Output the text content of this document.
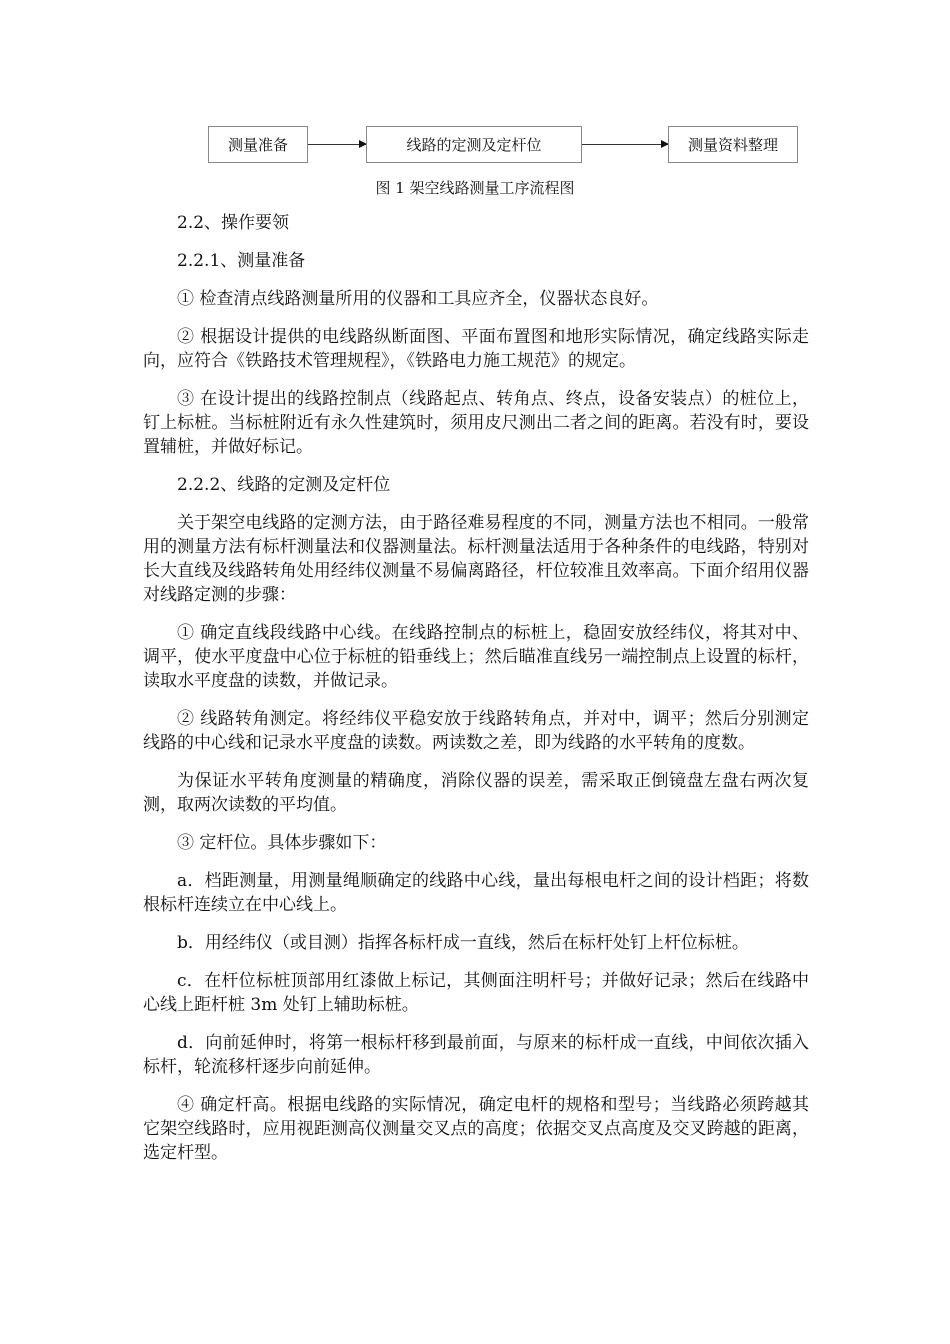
测量准备	线路的定测及定杆位	测量资料整理
图 1 架空线路测量工序流程图
2.2、操作要领
2.2.1、测量准备

① 检查清点线路测量所用的仪器和工具应齐全，仪器状态良好。

② 根据设计提供的电线路纵断面图、平面布置图和地形实际情况，确定线路实际走向，应符合《铁路技术管理规程》，《铁路电力施工规范》的规定。

③ 在设计提出的线路控制点（线路起点、转角点、终点，设备安装点）的桩位上，钉上标桩。当标桩附近有永久性建筑时，须用皮尺测出二者之间的距离。若没有时，要设置辅桩，并做好标记。

2.2.2、线路的定测及定杆位

关于架空电线路的定测方法，由于路径难易程度的不同，测量方法也不相同。一般常用的测量方法有标杆测量法和仪器测量法。标杆测量法适用于各种条件的电线路，特别对长大直线及线路转角处用经纬仪测量不易偏离路径，杆位较准且效率高。下面介绍用仪器对线路定测的步骤：

① 确定直线段线路中心线。在线路控制点的标桩上，稳固安放经纬仪，将其对中、调平，使水平度盘中心位于标桩的铅垂线上；然后瞄准直线另一端控制点上设置的标杆，读取水平度盘的读数，并做记录。

② 线路转角测定。将经纬仪平稳安放于线路转角点，并对中，调平；然后分别测定线路的中心线和记录水平度盘的读数。两读数之差，即为线路的水平转角的度数。

为保证水平转角度测量的精确度，消除仪器的误差，需采取正倒镜盘左盘右两次复测，取两次读数的平均值。

③ 定杆位。具体步骤如下：

a．档距测量，用测量绳顺确定的线路中心线，量出每根电杆之间的设计档距；将数根标杆连续立在中心线上。

b．用经纬仪（或目测）指挥各标杆成一直线，然后在标杆处钉上杆位标桩。

c．在杆位标桩顶部用红漆做上标记，其侧面注明杆号；并做好记录；然后在线路中心线上距杆桩 3m 处钉上辅助标桩。

d．向前延伸时，将第一根标杆移到最前面，与原来的标杆成一直线，中间依次插入标杆，轮流移杆逐步向前延伸。

④ 确定杆高。根据电线路的实际情况，确定电杆的规格和型号；当线路必须跨越其它架空线路时，应用视距测高仪测量交叉点的高度；依据交叉点高度及交叉跨越的距离，选定杆型。
